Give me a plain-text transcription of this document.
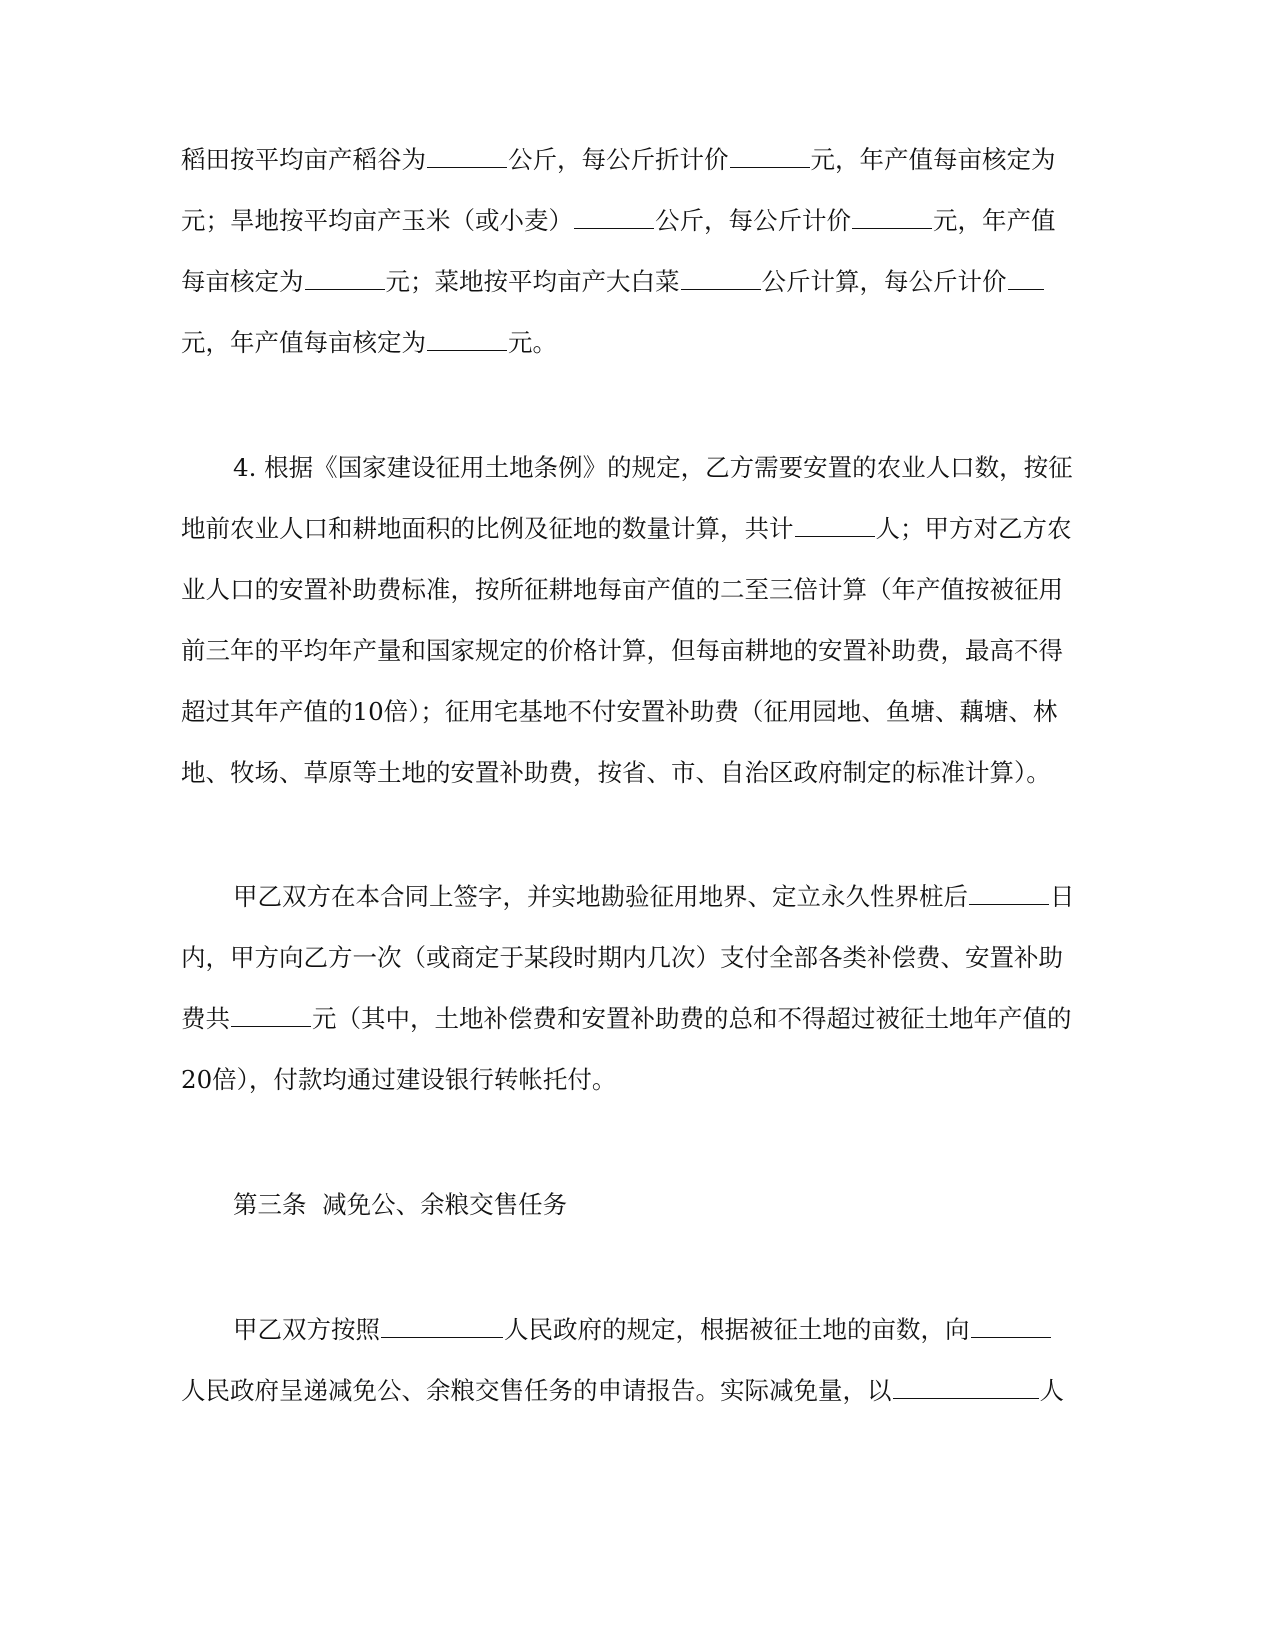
稻田按平均亩产稻谷为	公斤，每公斤折计价	元，年产值每亩核定为
元；旱地按平均亩产玉米（或小麦）	公斤，每公斤计价	元，年产值
每亩核定为	元；菜地按平均亩产大白菜	公斤计算，每公斤计价
元，年产值每亩核定为	元。
4. 根据《国家建设征用土地条例》的规定，乙方需要安置的农业人口数，按征
地前农业人口和耕地面积的比例及征地的数量计算，共计	人；甲方对乙方农
业人口的安置补助费标准，按所征耕地每亩产值的二至三倍计算（年产值按被征用
前三年的平均年产量和国家规定的价格计算，但每亩耕地的安置补助费，最高不得
超过其年产值的10倍）；征用宅基地不付安置补助费（征用园地、鱼塘、藕塘、林
地、牧场、草原等土地的安置补助费，按省、市、自治区政府制定的标准计算）。
甲乙双方在本合同上签字，并实地勘验征用地界、定立永久性界桩后	日
内，甲方向乙方一次（或商定于某段时期内几次）支付全部各类补偿费、安置补助
费共	元（其中，土地补偿费和安置补助费的总和不得超过被征土地年产值的
20倍），付款均通过建设银行转帐托付。
第三条  减免公、余粮交售任务
甲乙双方按照	人民政府的规定，根据被征土地的亩数，向
人民政府呈递减免公、余粮交售任务的申请报告。实际减免量，以	人
